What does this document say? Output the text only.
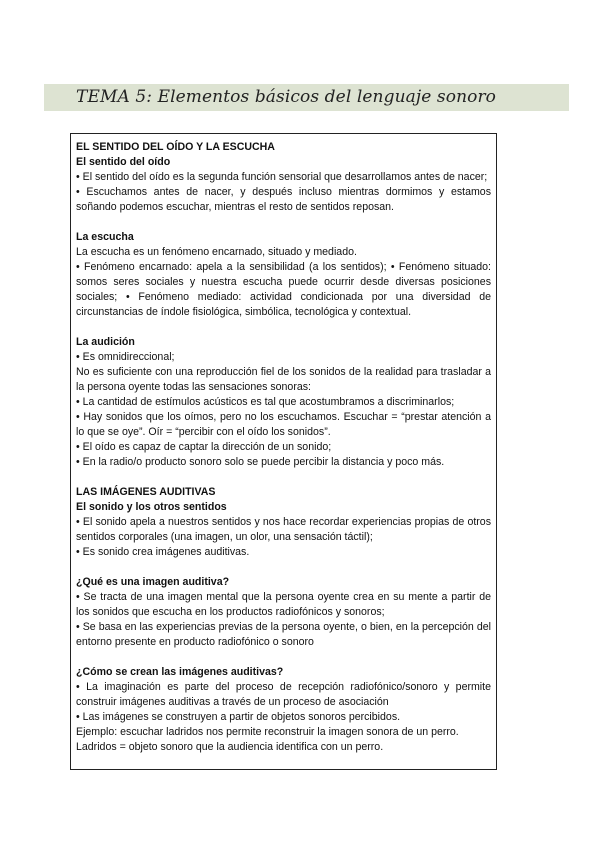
TEMA 5: Elementos básicos del lenguaje sonoro

EL SENTIDO DEL OÍDO Y LA ESCUCHA

El sentido del oído

• El sentido del oído es la segunda función sensorial que desarrollamos antes de nacer;

• Escuchamos antes de nacer, y después incluso mientras dormimos y estamos soñando podemos escuchar, mientras el resto de sentidos reposan.

La escucha

La escucha es un fenómeno encarnado, situado y mediado.

• Fenómeno encarnado: apela a la sensibilidad (a los sentidos); • Fenómeno situado: somos seres sociales y nuestra escucha puede ocurrir desde diversas posiciones sociales; • Fenómeno mediado: actividad condicionada por una diversidad de circunstancias de índole fisiológica, simbólica, tecnológica y contextual.

La audición

• Es omnidireccional;

No es suficiente con una reproducción fiel de los sonidos de la realidad para trasladar a la persona oyente todas las sensaciones sonoras:

• La cantidad de estímulos acústicos es tal que acostumbramos a discriminarlos;

• Hay sonidos que los oímos, pero no los escuchamos. Escuchar = “prestar atención a lo que se oye”. Oír = “percibir con el oído los sonidos”.

• El oído es capaz de captar la dirección de un sonido;

• En la radio/o producto sonoro solo se puede percibir la distancia y poco más.

LAS IMÁGENES AUDITIVAS

El sonido y los otros sentidos

• El sonido apela a nuestros sentidos y nos hace recordar experiencias propias de otros sentidos corporales (una imagen, un olor, una sensación táctil);

• Es sonido crea imágenes auditivas.

¿Qué es una imagen auditiva?

• Se tracta de una imagen mental que la persona oyente crea en su mente a partir de los sonidos que escucha en los productos radiofónicos y sonoros;

• Se basa en las experiencias previas de la persona oyente, o bien, en la percepción del entorno presente en producto radiofónico o sonoro

¿Cómo se crean las imágenes auditivas?

• La imaginación es parte del proceso de recepción radiofónico/sonoro y permite construir imágenes auditivas a través de un proceso de asociación

• Las imágenes se construyen a partir de objetos sonoros percibidos.

Ejemplo: escuchar ladridos nos permite reconstruir la imagen sonora de un perro.

Ladridos = objeto sonoro que la audiencia identifica con un perro.
